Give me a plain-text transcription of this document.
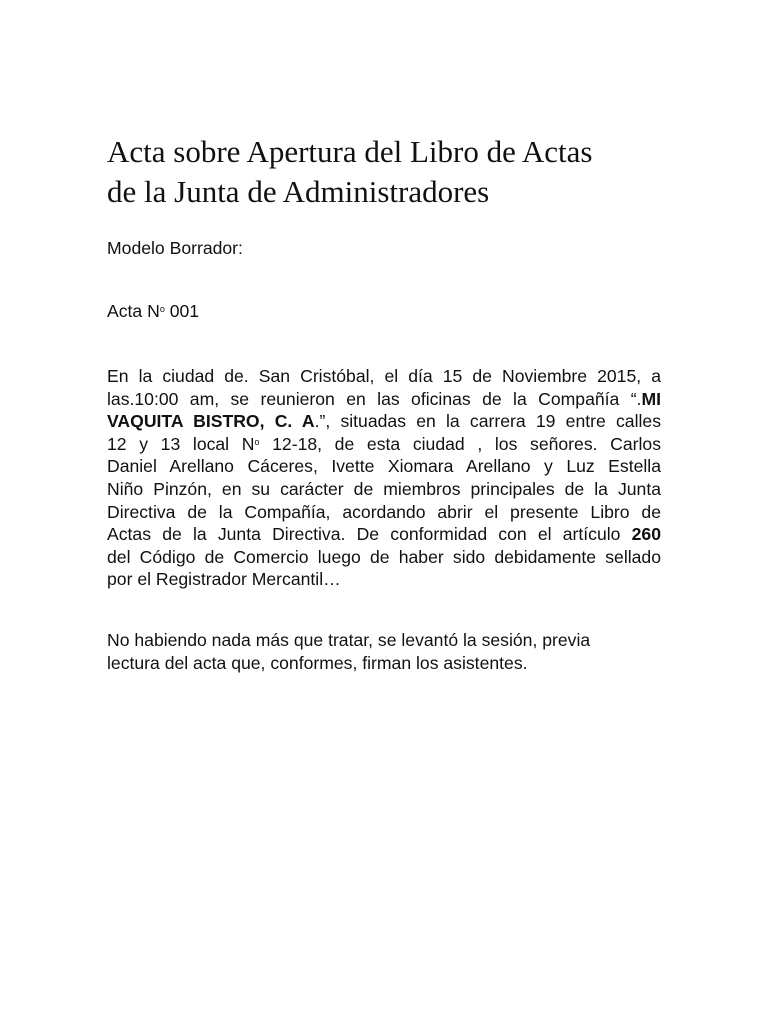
Acta sobre Apertura del Libro de Actas
de la Junta de Administradores

Modelo Borrador:

Acta $N^o$ 001

En la ciudad de. San Cristóbal, el día 15 de Noviembre 2015, a
las.10:00 am, se reunieron en las oficinas de la Compañía “.MI
VAQUITA BISTRO, C. A.”, situadas en la carrera 19 entre calles
12 y 13 local $N^o$ 12-18, de esta ciudad , los señores. Carlos
Daniel Arellano Cáceres, Ivette Xiomara Arellano y Luz Estella
Niño Pinzón, en su carácter de miembros principales de la Junta
Directiva de la Compañía, acordando abrir el presente Libro de
Actas de la Junta Directiva. De conformidad con el artículo 260
del Código de Comercio luego de haber sido debidamente sellado
por el Registrador Mercantil…
No habiendo nada más que tratar, se levantó la sesión, previa
lectura del acta que, conformes, firman los asistentes.
